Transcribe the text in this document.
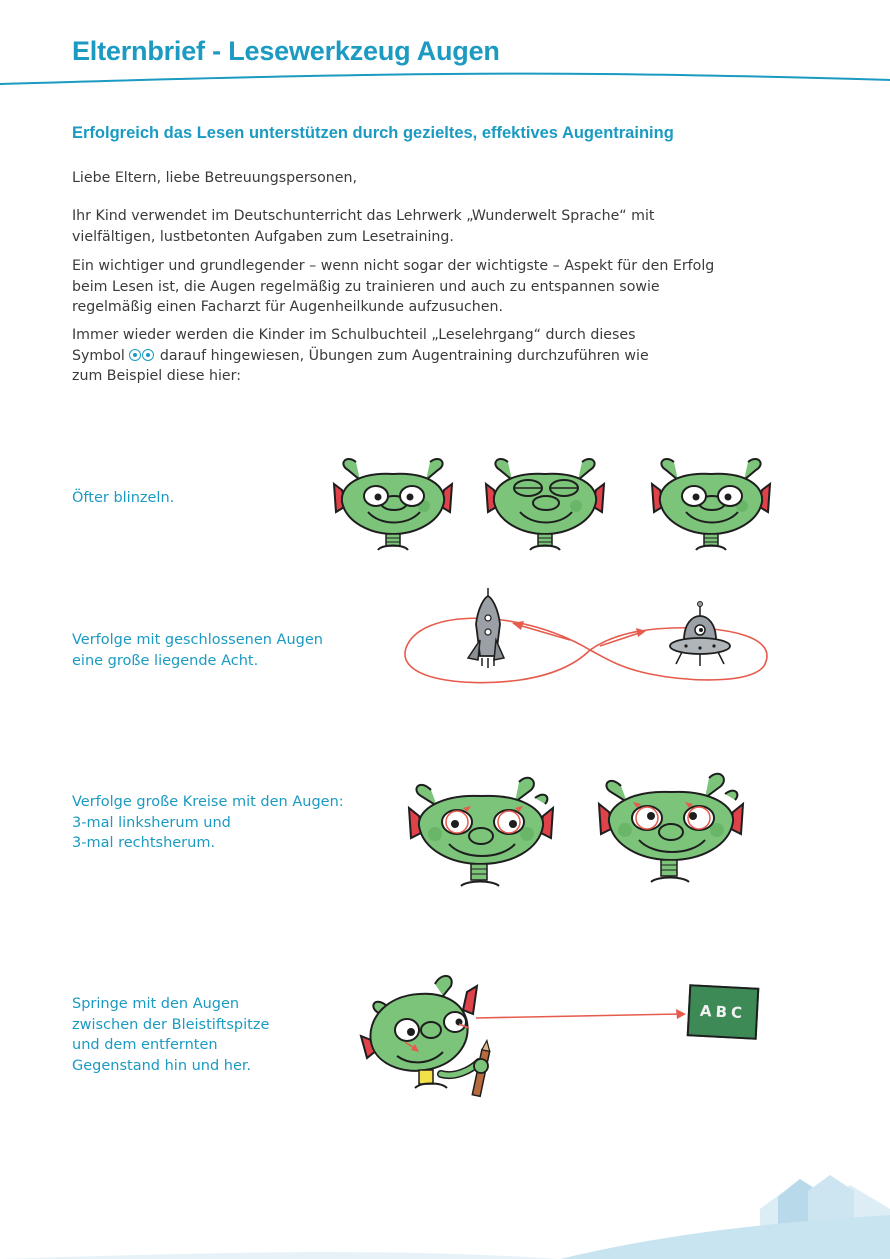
Elternbrief - Lesewerkzeug Augen
Erfolgreich das Lesen unterstützen durch gezieltes, effektives Augentraining
Liebe Eltern, liebe Betreuungspersonen,
Ihr Kind verwendet im Deutschunterricht das Lehrwerk „Wunderwelt Sprache“ mit vielfältigen, lustbetonten Aufgaben zum Lesetraining.
Ein wichtiger und grundlegender – wenn nicht sogar der wichtigste – Aspekt für den Erfolg beim Lesen ist, die Augen regelmäßig zu trainieren und auch zu entspannen sowie regelmäßig einen Facharzt für Augenheilkunde aufzusuchen.
Immer wieder werden die Kinder im Schulbuchteil „Leselehrgang“ durch dieses Symbol darauf hingewiesen, Übungen zum Augentraining durchzuführen wie zum Beispiel diese hier:
Öfter blinzeln.
Verfolge mit geschlossenen Augen
eine große liegende Acht.
Verfolge große Kreise mit den Augen:
3-mal linksherum und
3-mal rechtsherum.
Springe mit den Augen
zwischen der Bleistiftspitze
und dem entfernten
Gegenstand hin und her.
ABC
